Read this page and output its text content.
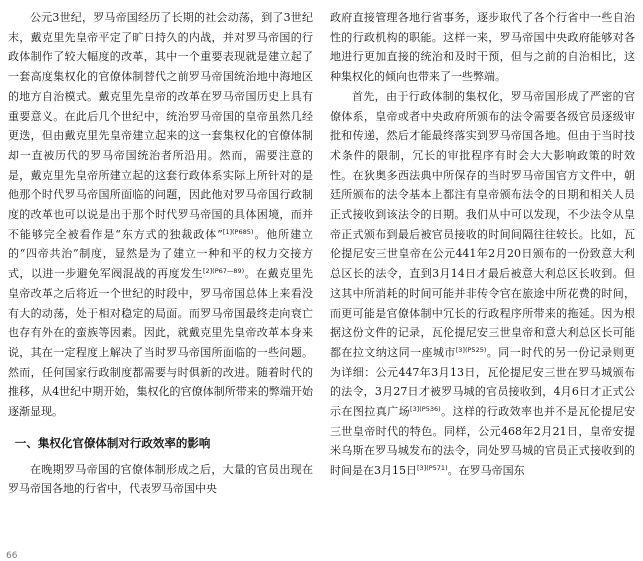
公元3世纪，罗马帝国经历了长期的社会动荡，到了3世纪末，戴克里先皇帝平定了旷日持久的内战，并对罗马帝国的行政体制作了较大幅度的改革，其中一个重要表现就是建立起了一套高度集权化的官僚体制替代之前罗马帝国统治地中海地区的地方自治模式。戴克里先皇帝的改革在罗马帝国历史上具有重要意义。在此后几个世纪中，统治罗马帝国的皇帝虽然几经更迭，但由戴克里先皇帝建立起来的这一套集权化的官僚体制却一直被历代的罗马帝国统治者所沿用。然而，需要注意的是，戴克里先皇帝所建立起的这套行政体系实际上所针对的是他那个时代罗马帝国所面临的问题，因此他对罗马帝国行政制度的改革也可以说是出于那个时代罗马帝国的具体困境，而并不能够完全被看作是“东方式的独裁政体”$^{[1](P685)}$。他所建立的“四帝共治”制度，显然是为了建立一种和平的权力交接方式，以进一步避免军阀混战的再度发生$^{[2](P67—89)}$。在戴克里先皇帝改革之后将近一个世纪的时段中，罗马帝国总体上来看没有大的动荡，处于相对稳定的局面。而罗马帝国最终走向衰亡也存有外在的蛮族等因素。因此，就戴克里先皇帝改革本身来说，其在一定程度上解决了当时罗马帝国所面临的一些问题。然而，任何国家行政制度都需要与时俱新的改进。随着时代的推移，从4世纪中期开始，集权化的官僚体制所带来的弊端开始逐渐显现。

一、集权化官僚体制对行政效率的影响

在晚期罗马帝国的官僚体制形成之后，大量的官员出现在罗马帝国各地的行省中，代表罗马帝国中央

政府直接管理各地行省事务，逐步取代了各个行省中一些自治性的行政机构的职能。这样一来，罗马帝国中央政府能够对各地进行更加直接的统治和及时干预，但与之前的自治相比，这种集权化的倾向也带来了一些弊端。

首先，由于行政体制的集权化，罗马帝国形成了严密的官僚体系，皇帝或者中央政府所颁布的法令需要各级官员逐级审批和传递，然后才能最终落实到罗马帝国各地。但由于当时技术条件的限制，冗长的审批程序有时会大大影响政策的时效性。在狄奥多西法典中所保存的当时罗马帝国官方文件中，朝廷所颁布的法令基本上都注有皇帝颁布法令的日期和相关人员正式接收到该法令的日期。我们从中可以发现，不少法令从皇帝正式颁布到最后被官员接收的时间间隔往往较长。比如，瓦伦提尼安三世皇帝在公元441年2月20日颁布的一份致意大利总区长的法令，直到3月14日才最后被意大利总区长收到。但这其中所消耗的时间可能并非传令官在旅途中所花费的时间，而更可能是官僚体制中冗长的行政程序所带来的拖延。因为根据这份文件的记录，瓦伦提尼安三世皇帝和意大利总区长可能都在拉文纳这同一座城市$^{[3](P525)}$。同一时代的另一份记录则更为详细：公元447年3月13日，瓦伦提尼安三世在罗马城颁布的法令，3月27日才被罗马城的官员接收到，4月6日才正式公示在图拉真广场$^{[3](P536)}$。这样的行政效率也并不是瓦伦提尼安三世皇帝时代的特色。同样，公元468年2月21日，皇帝安提米乌斯在罗马城发布的法令，同处罗马城的官员正式接收到的时间是在3月15日$^{[3](P571)}$。在罗马帝国东

66
